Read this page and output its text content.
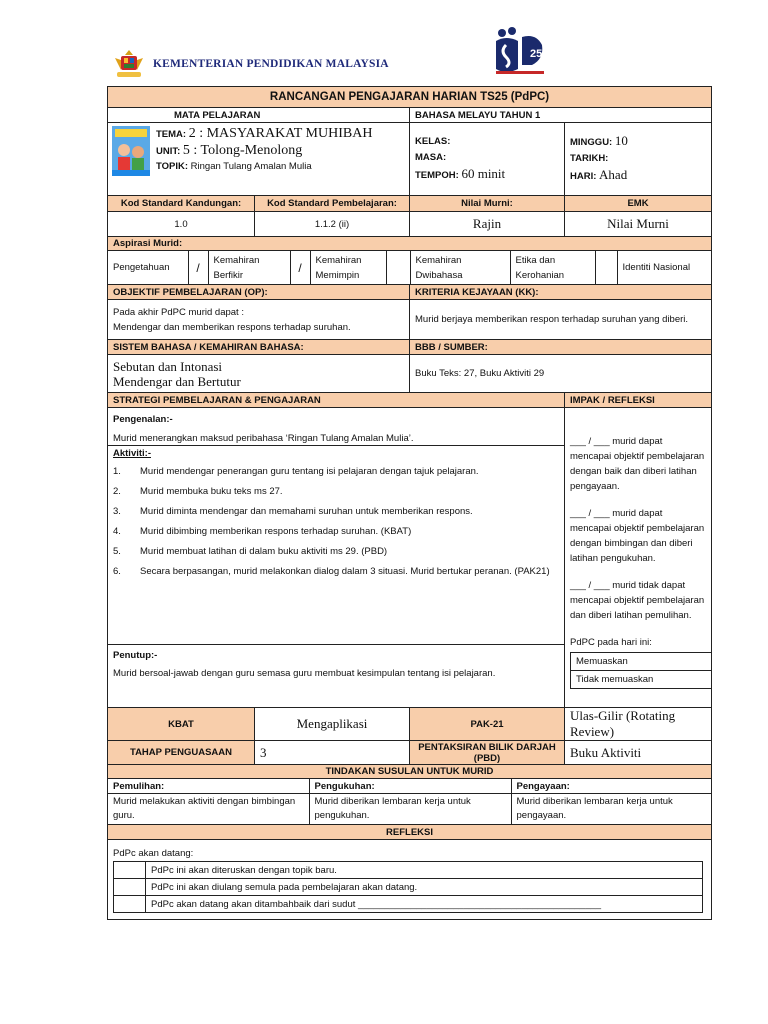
KEMENTERIAN PENDIDIKAN MALAYSIA
25
RANCANGAN PENGAJARAN HARIAN TS25 (PdPC)
MATA PELAJARAN	BAHASA MELAYU TAHUN 1

TEMA: 2 : MASYARAKAT MUHIBAH
UNIT: 5 : Tolong-Menolong
TOPIK: Ringan Tulang Amalan Mulia

KELAS:
MASA:
TEMPOH: 60 minit

MINGGU: 10
TARIKH:
HARI: Ahad

Kod Standard Kandungan:	Kod Standard Pembelajaran:	Nilai Murni:	EMK
1.0	1.1.2 (ii)	Rajin	Nilai Murni
Aspirasi Murid:

Pengetahuan	/	Kemahiran Berfikir	/	Kemahiran Memimpin		Kemahiran Dwibahasa	Etika dan Kerohanian		Identiti Nasional

OBJEKTIF PEMBELAJARAN (OP):	KRITERIA KEJAYAAN (KK):

Pada akhir PdPC murid dapat :
Mendengar dan memberikan respons terhadap suruhan.
	Murid berjaya memberikan respon terhadap suruhan yang diberi.
SISTEM BAHASA / KEMAHIRAN BAHASA:	BBB / SUMBER:

Sebutan dan Intonasi
Mendengar dan Bertutur	Buku Teks: 27, Buku Aktiviti 29
STRATEGI PEMBELAJARAN & PENGAJARAN	IMPAK / REFLEKSI

Pengenalan:-
Murid menerangkan maksud peribahasa ‘Ringan Tulang Amalan Mulia’.
Aktiviti:-
1.	Murid mendengar penerangan guru tentang isi pelajaran dengan tajuk pelajaran.
2.	Murid membuka buku teks ms 27.
3.	Murid diminta mendengar dan memahami suruhan untuk memberikan respons.
4.	Murid dibimbing memberikan respons terhadap suruhan. (KBAT)
5.	Murid membuat latihan di dalam buku aktiviti ms 29. (PBD)
6.	Secara berpasangan, murid melakonkan dialog dalam 3 situasi. Murid bertukar peranan. (PAK21)
Penutup:-
Murid bersoal-jawab dengan guru semasa guru membuat kesimpulan tentang isi pelajaran.

___ / ___ murid dapat mencapai objektif pembelajaran dengan baik dan diberi latihan pengayaan.

___ / ___ murid dapat mencapai objektif pembelajaran dengan bimbingan dan diberi latihan pengukuhan.

___ / ___ murid tidak dapat mencapai objektif pembelajaran dan diberi latihan pemulihan.

PdPC pada hari ini:

Memuaskan	
Tidak memuaskan	

KBAT	Mengaplikasi	PAK-21	Ulas-Gilir (Rotating Review)
TAHAP PENGUASAAN	3	PENTAKSIRAN BILIK DARJAH (PBD)	Buku Aktiviti
TINDAKAN SUSULAN UNTUK MURID

Pemulihan:	Pengukuhan:	Pengayaan:

Murid melakukan aktiviti dengan bimbingan guru.	Murid diberikan lembaran kerja untuk pengukuhan.	Murid diberikan lembaran kerja untuk pengayaan.

REFLEKSI

PdPc akan datang:
	PdPc ini akan diteruskan dengan topik baru.
	PdPc ini akan diulang semula pada pembelajaran akan datang.
	PdPc akan datang akan ditambahbaik dari sudut ______________________________________________
